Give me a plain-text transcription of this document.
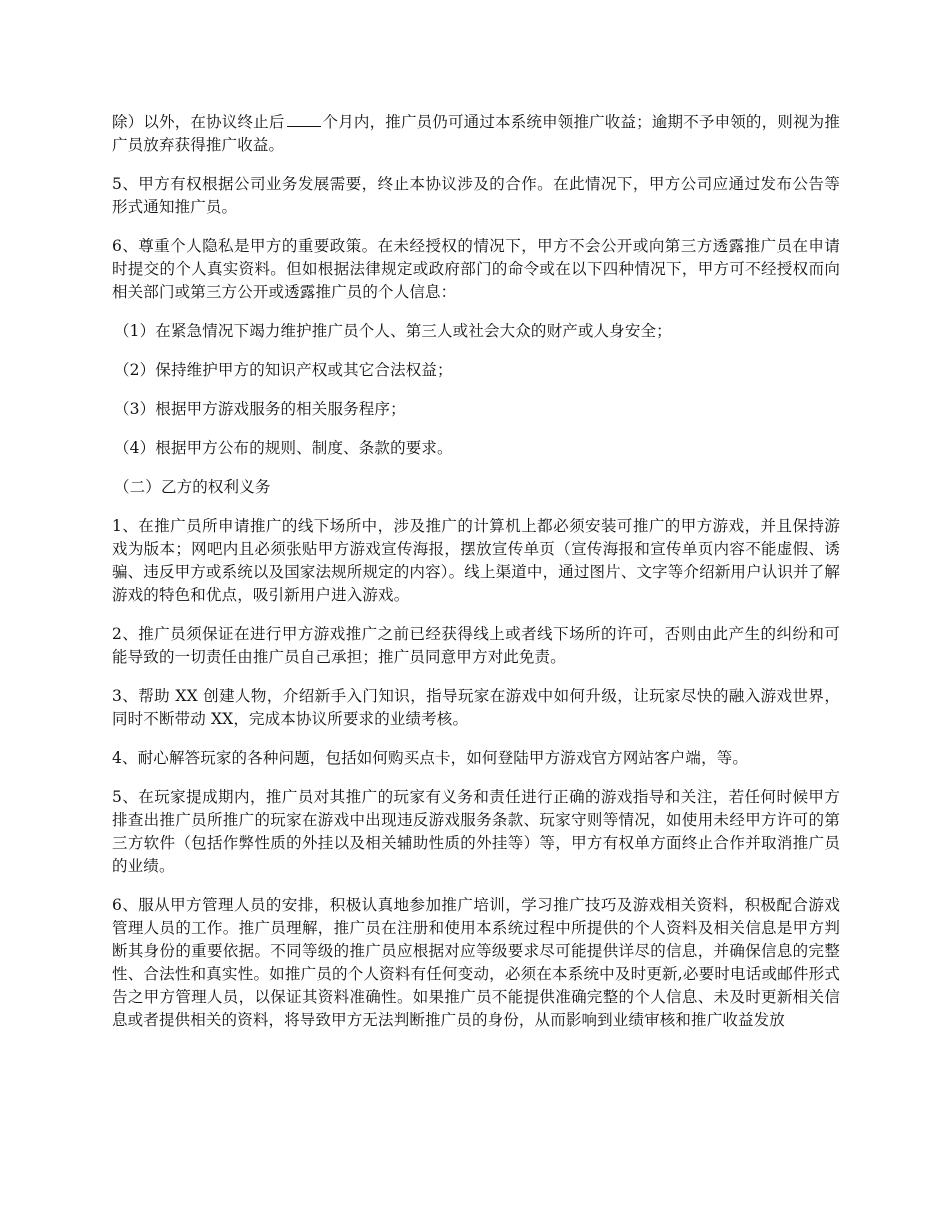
除）以外，在协议终止后 个月内，推广员仍可通过本系统申领推广收益；逾期不予申领的，则视为推广员放弃获得推广收益。

5、甲方有权根据公司业务发展需要，终止本协议涉及的合作。在此情况下，甲方公司应通过发布公告等形式通知推广员。

6、尊重个人隐私是甲方的重要政策。在未经授权的情况下，甲方不会公开或向第三方透露推广员在申请时提交的个人真实资料。但如根据法律规定或政府部门的命令或在以下四种情况下，甲方可不经授权而向相关部门或第三方公开或透露推广员的个人信息：

（1）在紧急情况下竭力维护推广员个人、第三人或社会大众的财产或人身安全；

（2）保持维护甲方的知识产权或其它合法权益；

（3）根据甲方游戏服务的相关服务程序；

（4）根据甲方公布的规则、制度、条款的要求。

（二）乙方的权利义务

1、在推广员所申请推广的线下场所中，涉及推广的计算机上都必须安装可推广的甲方游戏，并且保持游戏为版本；网吧内且必须张贴甲方游戏宣传海报，摆放宣传单页（宣传海报和宣传单页内容不能虚假、诱骗、违反甲方或系统以及国家法规所规定的内容）。线上渠道中，通过图片、文字等介绍新用户认识并了解游戏的特色和优点，吸引新用户进入游戏。

2、推广员须保证在进行甲方游戏推广之前已经获得线上或者线下场所的许可，否则由此产生的纠纷和可能导致的一切责任由推广员自己承担；推广员同意甲方对此免责。

3、帮助 XX 创建人物，介绍新手入门知识，指导玩家在游戏中如何升级，让玩家尽快的融入游戏世界，同时不断带动 XX，完成本协议所要求的业绩考核。

4、耐心解答玩家的各种问题，包括如何购买点卡，如何登陆甲方游戏官方网站客户端，等。

5、在玩家提成期内，推广员对其推广的玩家有义务和责任进行正确的游戏指导和关注，若任何时候甲方排查出推广员所推广的玩家在游戏中出现违反游戏服务条款、玩家守则等情况，如使用未经甲方许可的第三方软件（包括作弊性质的外挂以及相关辅助性质的外挂等）等，甲方有权单方面终止合作并取消推广员的业绩。

6、服从甲方管理人员的安排，积极认真地参加推广培训，学习推广技巧及游戏相关资料，积极配合游戏管理人员的工作。推广员理解，推广员在注册和使用本系统过程中所提供的个人资料及相关信息是甲方判断其身份的重要依据。不同等级的推广员应根据对应等级要求尽可能提供详尽的信息，并确保信息的完整性、合法性和真实性。如推广员的个人资料有任何变动，必须在本系统中及时更新,必要时电话或邮件形式告之甲方管理人员，以保证其资料准确性。如果推广员不能提供准确完整的个人信息、未及时更新相关信息或者提供相关的资料，将导致甲方无法判断推广员的身份，从而影响到业绩审核和推广收益发放
